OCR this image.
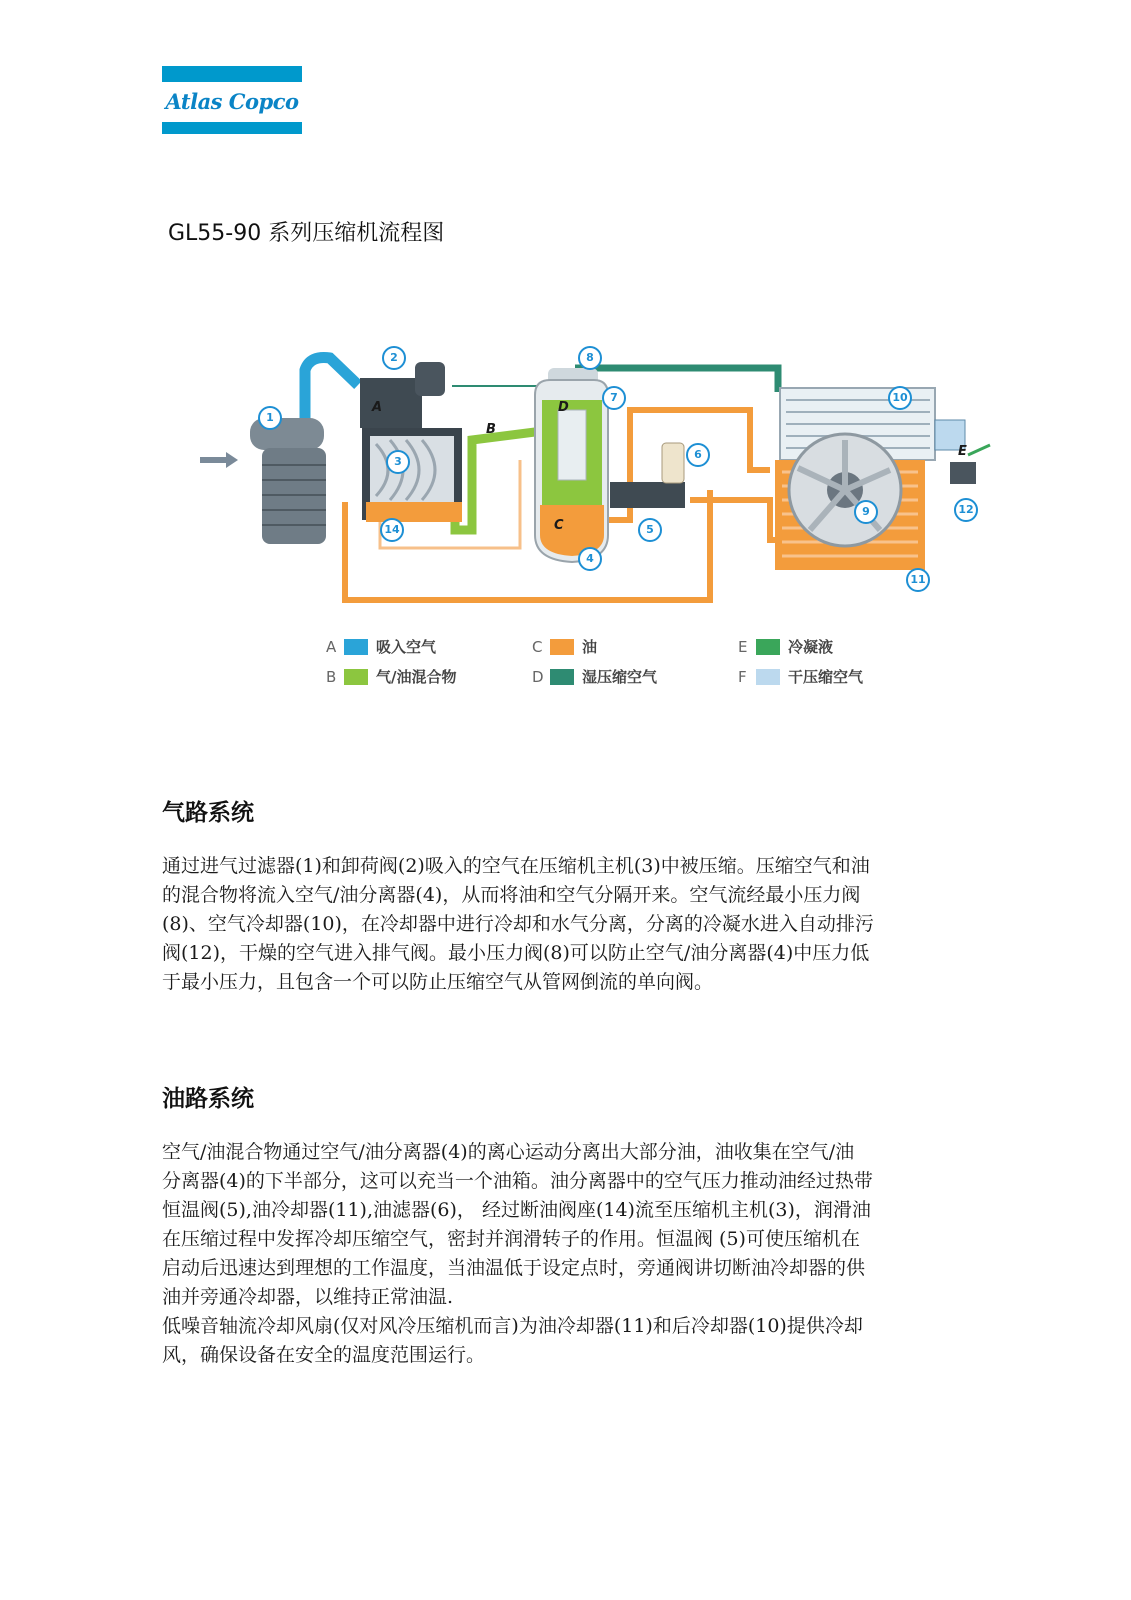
Atlas Copco
GL55-90 系列压缩机流程图
1
2
3
4
5
6
7
8
9
10
11
12
14
A
B
C
D
E
A	吸入空气
B	气/油混合物
C	油
D	湿压缩空气
E	冷凝液
F	干压缩空气
气路系统

通过进气过滤器(1)和卸荷阀(2)吸入的空气在压缩机主机(3)中被压缩。压缩空气和油
的混合物将流入空气/油分离器(4)，从而将油和空气分隔开来。空气流经最小压力阀
(8)、空气冷却器(10)，在冷却器中进行冷却和水气分离，分离的冷凝水进入自动排污
阀(12)，干燥的空气进入排气阀。最小压力阀(8)可以防止空气/油分离器(4)中压力低
于最小压力，且包含一个可以防止压缩空气从管网倒流的单向阀。

油路系统

空气/油混合物通过空气/油分离器(4)的离心运动分离出大部分油，油收集在空气/油
分离器(4)的下半部分，这可以充当一个油箱。油分离器中的空气压力推动油经过热带
恒温阀(5),油冷却器(11),油滤器(6)， 经过断油阀座(14)流至压缩机主机(3)，润滑油
在压缩过程中发挥冷却压缩空气，密封并润滑转子的作用。恒温阀 (5)可使压缩机在
启动后迅速达到理想的工作温度，当油温低于设定点时，旁通阀讲切断油冷却器的供
油并旁通冷却器，以维持正常油温.
低噪音轴流冷却风扇(仅对风冷压缩机而言)为油冷却器(11)和后冷却器(10)提供冷却
风，确保设备在安全的温度范围运行。
